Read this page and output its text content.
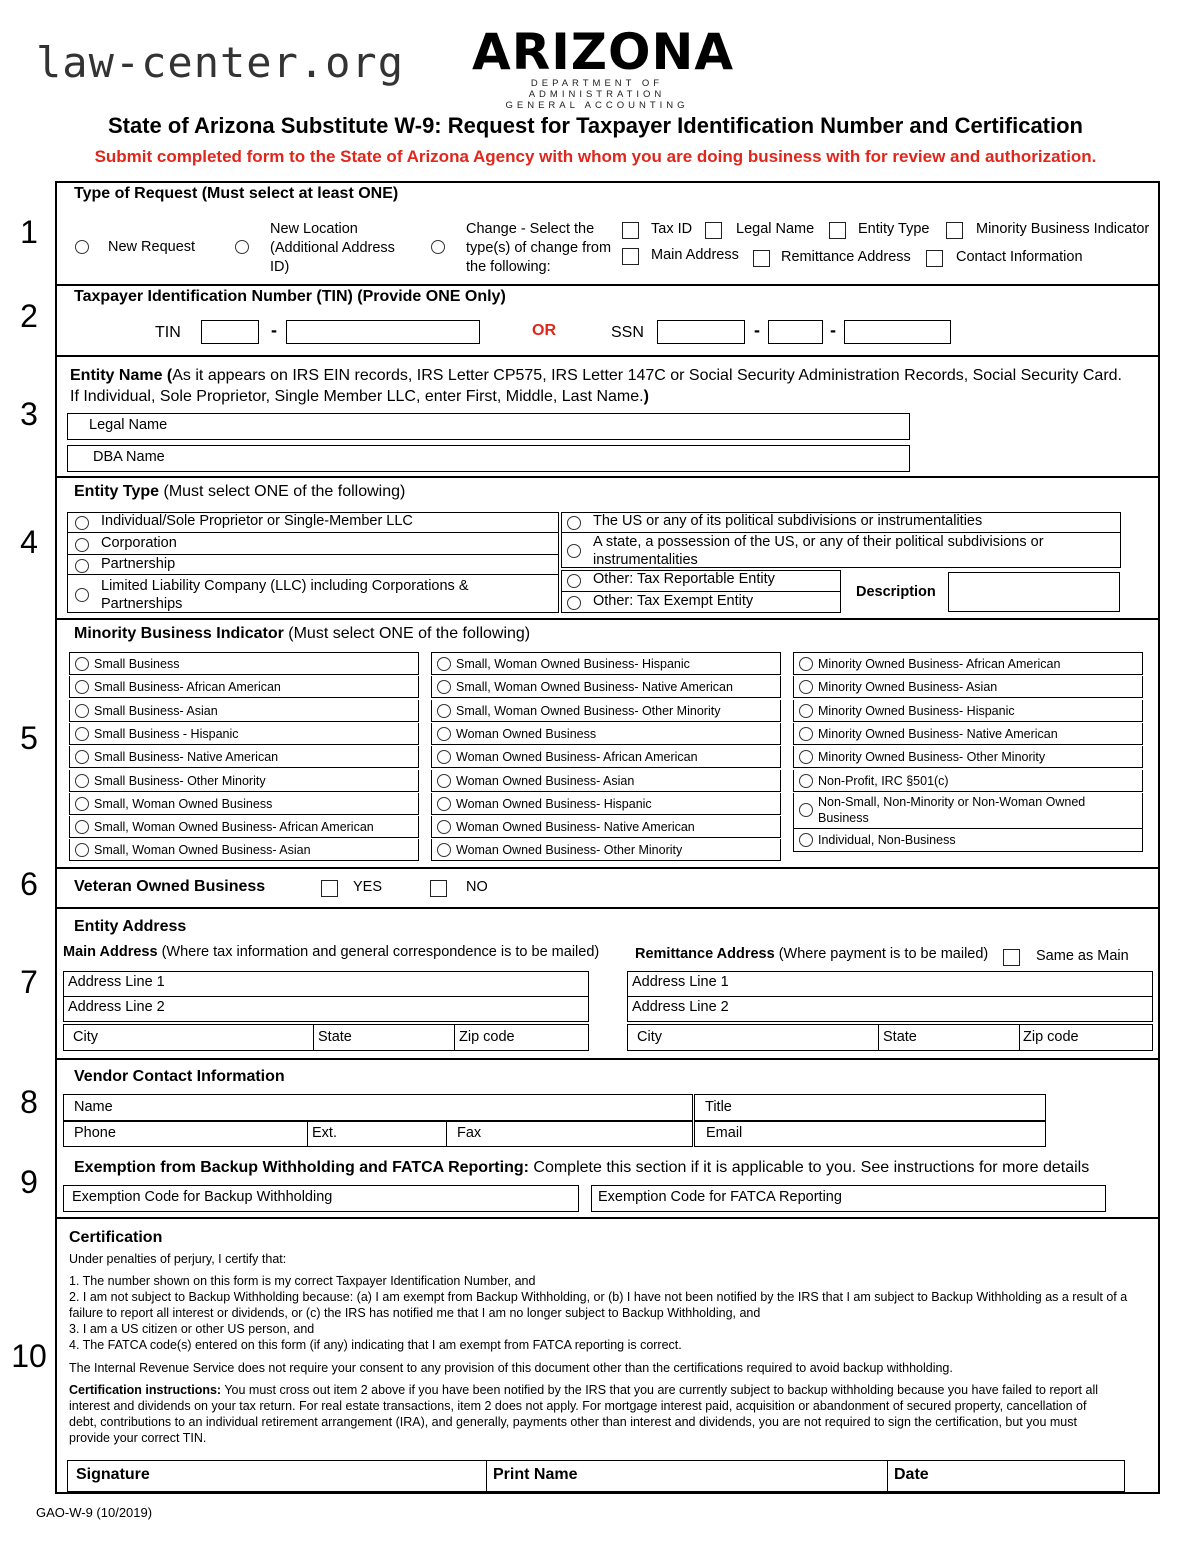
law-center.org ARIZONA
DEPARTMENT OF ADMINISTRATION
GENERAL ACCOUNTING
State of Arizona Substitute W-9: Request for Taxpayer Identification Number and Certification
Submit completed form to the State of Arizona Agency with whom you are doing business with for review and authorization.
1
2
3
4
5
6
7
8
9
10
Type of Request (Must select at least ONE)
New Request
New Location
(Additional Address
ID)
Change - Select the
type(s) of change from
the following:
Tax ID	Legal Name	Entity Type	Minority Business Indicator
Main Address	Remittance Address	Contact Information
Taxpayer Identification Number (TIN) (Provide ONE Only)
TIN	-	OR	SSN	-	-
Entity Name (As it appears on IRS EIN records, IRS Letter CP575, IRS Letter 147C or Social Security Administration Records, Social Security Card.
If Individual, Sole Proprietor, Single Member LLC, enter First, Middle, Last Name.)
Legal Name
DBA Name
Entity Type (Must select ONE of the following)
Individual/Sole Proprietor or Single-Member LLC
Corporation
Partnership
Limited Liability Company (LLC) including Corporations &
Partnerships
The US or any of its political subdivisions or instrumentalities
A state, a possession of the US, or any of their political subdivisions or
instrumentalities
Other: Tax Reportable Entity
Other: Tax Exempt Entity
Description
Minority Business Indicator (Must select ONE of the following)
Small Business
Small Business- African American
Small Business- Asian
Small Business - Hispanic
Small Business- Native American
Small Business- Other Minority
Small, Woman Owned Business
Small, Woman Owned Business- African American
Small, Woman Owned Business- Asian
Small, Woman Owned Business- Hispanic
Small, Woman Owned Business- Native American
Small, Woman Owned Business- Other Minority
Woman Owned Business
Woman Owned Business- African American
Woman Owned Business- Asian
Woman Owned Business- Hispanic
Woman Owned Business- Native American
Woman Owned Business- Other Minority
Minority Owned Business- African American
Minority Owned Business- Asian
Minority Owned Business- Hispanic
Minority Owned Business- Native American
Minority Owned Business- Other Minority
Non-Profit, IRC §501(c)
Non-Small, Non-Minority or Non-Woman Owned
Business
Individual, Non-Business
Veteran Owned Business	YES	NO
Entity Address
Main Address (Where tax information and general correspondence is to be mailed) Remittance Address (Where payment is to be mailed)	Same as Main
Address Line 1
Address Line 2
City	State	Zip code
Address Line 1
Address Line 2
City	State	Zip code
Vendor Contact Information
Name	Title
Phone	Ext.	Fax	Email
Exemption from Backup Withholding and FATCA Reporting: Complete this section if it is applicable to you. See instructions for more details
Exemption Code for Backup Withholding	Exemption Code for FATCA Reporting
Certification
Under penalties of perjury, I certify that:
1. The number shown on this form is my correct Taxpayer Identification Number, and
2. I am not subject to Backup Withholding because: (a) I am exempt from Backup Withholding, or (b) I have not been notified by the IRS that I am subject to Backup Withholding as a result of a
failure to report all interest or dividends, or (c) the IRS has notified me that I am no longer subject to Backup Withholding, and
3. I am a US citizen or other US person, and
4. The FATCA code(s) entered on this form (if any) indicating that I am exempt from FATCA reporting is correct.
The Internal Revenue Service does not require your consent to any provision of this document other than the certifications required to avoid backup withholding.
Certification instructions: You must cross out item 2 above if you have been notified by the IRS that you are currently subject to backup withholding because you have failed to report all
interest and dividends on your tax return. For real estate transactions, item 2 does not apply. For mortgage interest paid, acquisition or abandonment of secured property, cancellation of
debt, contributions to an individual retirement arrangement (IRA), and generally, payments other than interest and dividends, you are not required to sign the certification, but you must
provide your correct TIN.
Signature	Print Name	Date
GAO-W-9 (10/2019)
